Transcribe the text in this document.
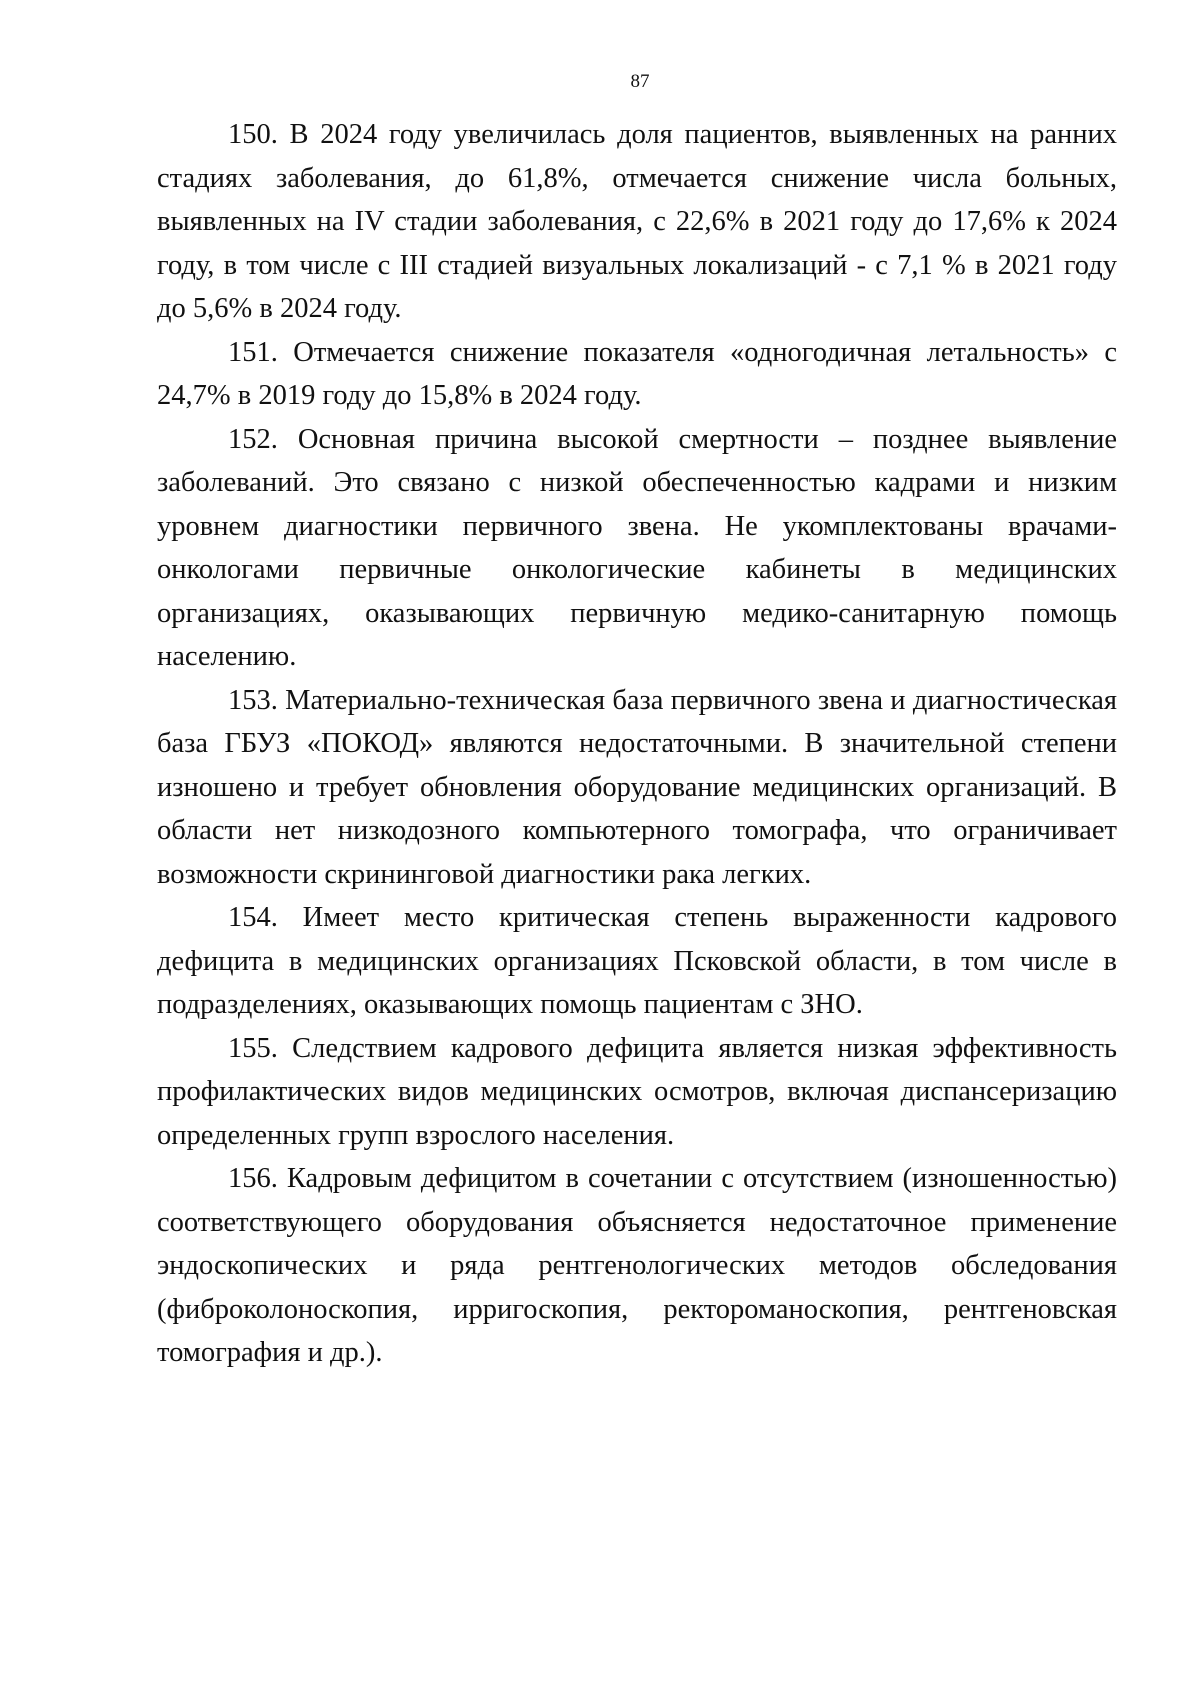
87

150. В 2024 году увеличилась доля пациентов, выявленных на ранних стадиях заболевания, до 61,8%, отмечается снижение числа больных, выявленных на IV стадии заболевания, с 22,6% в 2021 году до 17,6% к 2024 году, в том числе с III стадией визуальных локализаций - с 7,1 % в 2021 году до 5,6% в 2024 году.

151. Отмечается снижение показателя «одногодичная летальность» с 24,7% в 2019 году до 15,8% в 2024 году.

152. Основная причина высокой смертности – позднее выявление заболеваний. Это связано с низкой обеспеченностью кадрами и низким уровнем диагностики первичного звена. Не укомплектованы врачами-онкологами первичные онкологические кабинеты в медицинских организациях, оказывающих первичную медико-санитарную помощь населению.

153. Материально-техническая база первичного звена и диагностическая база ГБУЗ «ПОКОД» являются недостаточными. В значительной степени изношено и требует обновления оборудование медицинских организаций. В области нет низкодозного компьютерного томографа, что ограничивает возможности скрининговой диагностики рака легких.

154. Имеет место критическая степень выраженности кадрового дефицита в медицинских организациях Псковской области, в том числе в подразделениях, оказывающих помощь пациентам с ЗНО.

155. Следствием кадрового дефицита является низкая эффективность профилактических видов медицинских осмотров, включая диспансеризацию определенных групп взрослого населения.

156. Кадровым дефицитом в сочетании с отсутствием (изношенностью) соответствующего оборудования объясняется недостаточное применение эндоскопических и ряда рентгенологических методов обследования (фиброколоноскопия, ирригоскопия, ректороманоскопия, рентгеновская томография и др.).
